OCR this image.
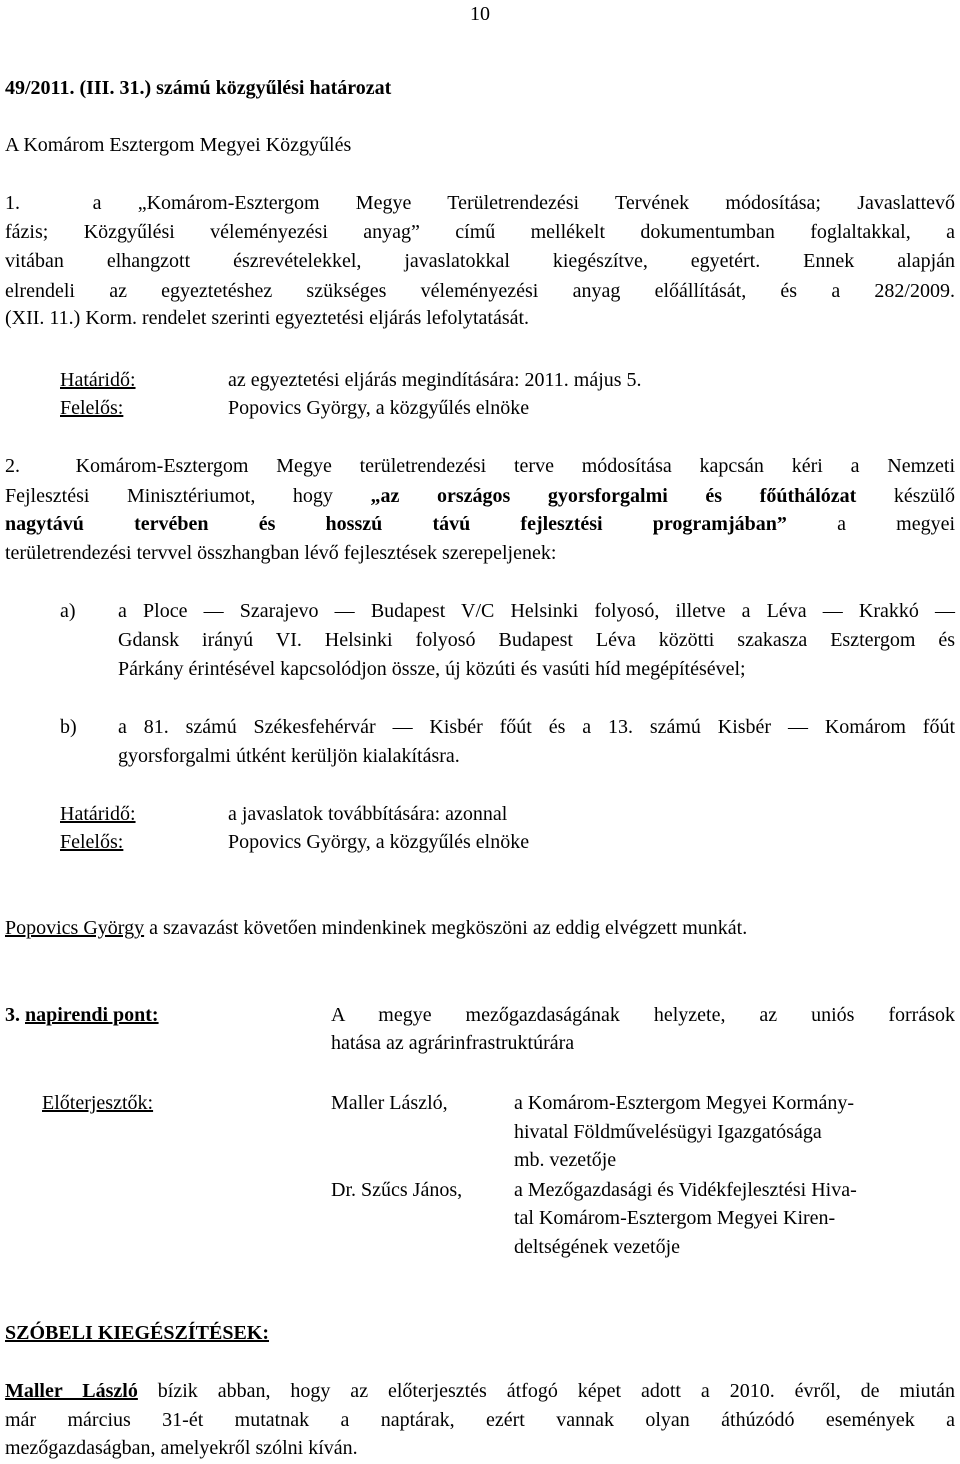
10
49/2011. (III. 31.) számú közgyűlési határozat
A Komárom Esztergom Megyei Közgyűlés
1.  a „Komárom-Esztergom Megye Területrendezési Tervének módosítása; Javaslattevő
fázis; Közgyűlési véleményezési anyag” című mellékelt dokumentumban foglaltakkal, a
vitában elhangzott észrevételekkel, javaslatokkal kiegészítve, egyetért. Ennek alapján
elrendeli az egyeztetéshez szükséges véleményezési anyag előállítását, és a 282/2009.
(XII. 11.) Korm. rendelet szerinti egyeztetési eljárás lefolytatását.
Határidő:	az egyeztetési eljárás megindítására: 2011. május 5.
Felelős:	Popovics György, a közgyűlés elnöke
2.  Komárom-Esztergom Megye területrendezési terve módosítása kapcsán kéri a Nemzeti
Fejlesztési Minisztériumot, hogy „az országos gyorsforgalmi és főúthálózat készülő
nagytávú tervében és hosszú távú fejlesztési programjában” a megyei
területrendezési tervvel összhangban lévő fejlesztések szerepeljenek:
a) a Ploce — Szarajevo — Budapest V/C Helsinki folyosó, illetve a Léva — Krakkó —
Gdansk irányú VI. Helsinki folyosó Budapest Léva közötti szakasza Esztergom és
Párkány érintésével kapcsolódjon össze, új közúti és vasúti híd megépítésével;
b) a 81. számú Székesfehérvár — Kisbér főút és a 13. számú Kisbér — Komárom főút
gyorsforgalmi útként kerüljön kialakításra.
Határidő:	a javaslatok továbbítására: azonnal
Felelős:	Popovics György, a közgyűlés elnöke
Popovics György a szavazást követően mindenkinek megköszöni az eddig elvégzett munkát.
3. napirendi pont:	A megye mezőgazdaságának helyzete, az uniós források
hatása az agrárinfrastruktúrára
Előterjesztők:	Maller László,	a Komárom-Esztergom Megyei Kormány-
hivatal Földművelésügyi Igazgatósága
mb. vezetője
Dr. Szűcs János,	a Mezőgazdasági és Vidékfejlesztési Hiva-
tal Komárom-Esztergom Megyei Kiren-
deltségének vezetője
SZÓBELI KIEGÉSZÍTÉSEK:
Maller László bízik abban, hogy az előterjesztés átfogó képet adott a 2010. évről, de miután
már március 31-ét mutatnak a naptárak, ezért vannak olyan áthúzódó események a
mezőgazdaságban, amelyekről szólni kíván.
